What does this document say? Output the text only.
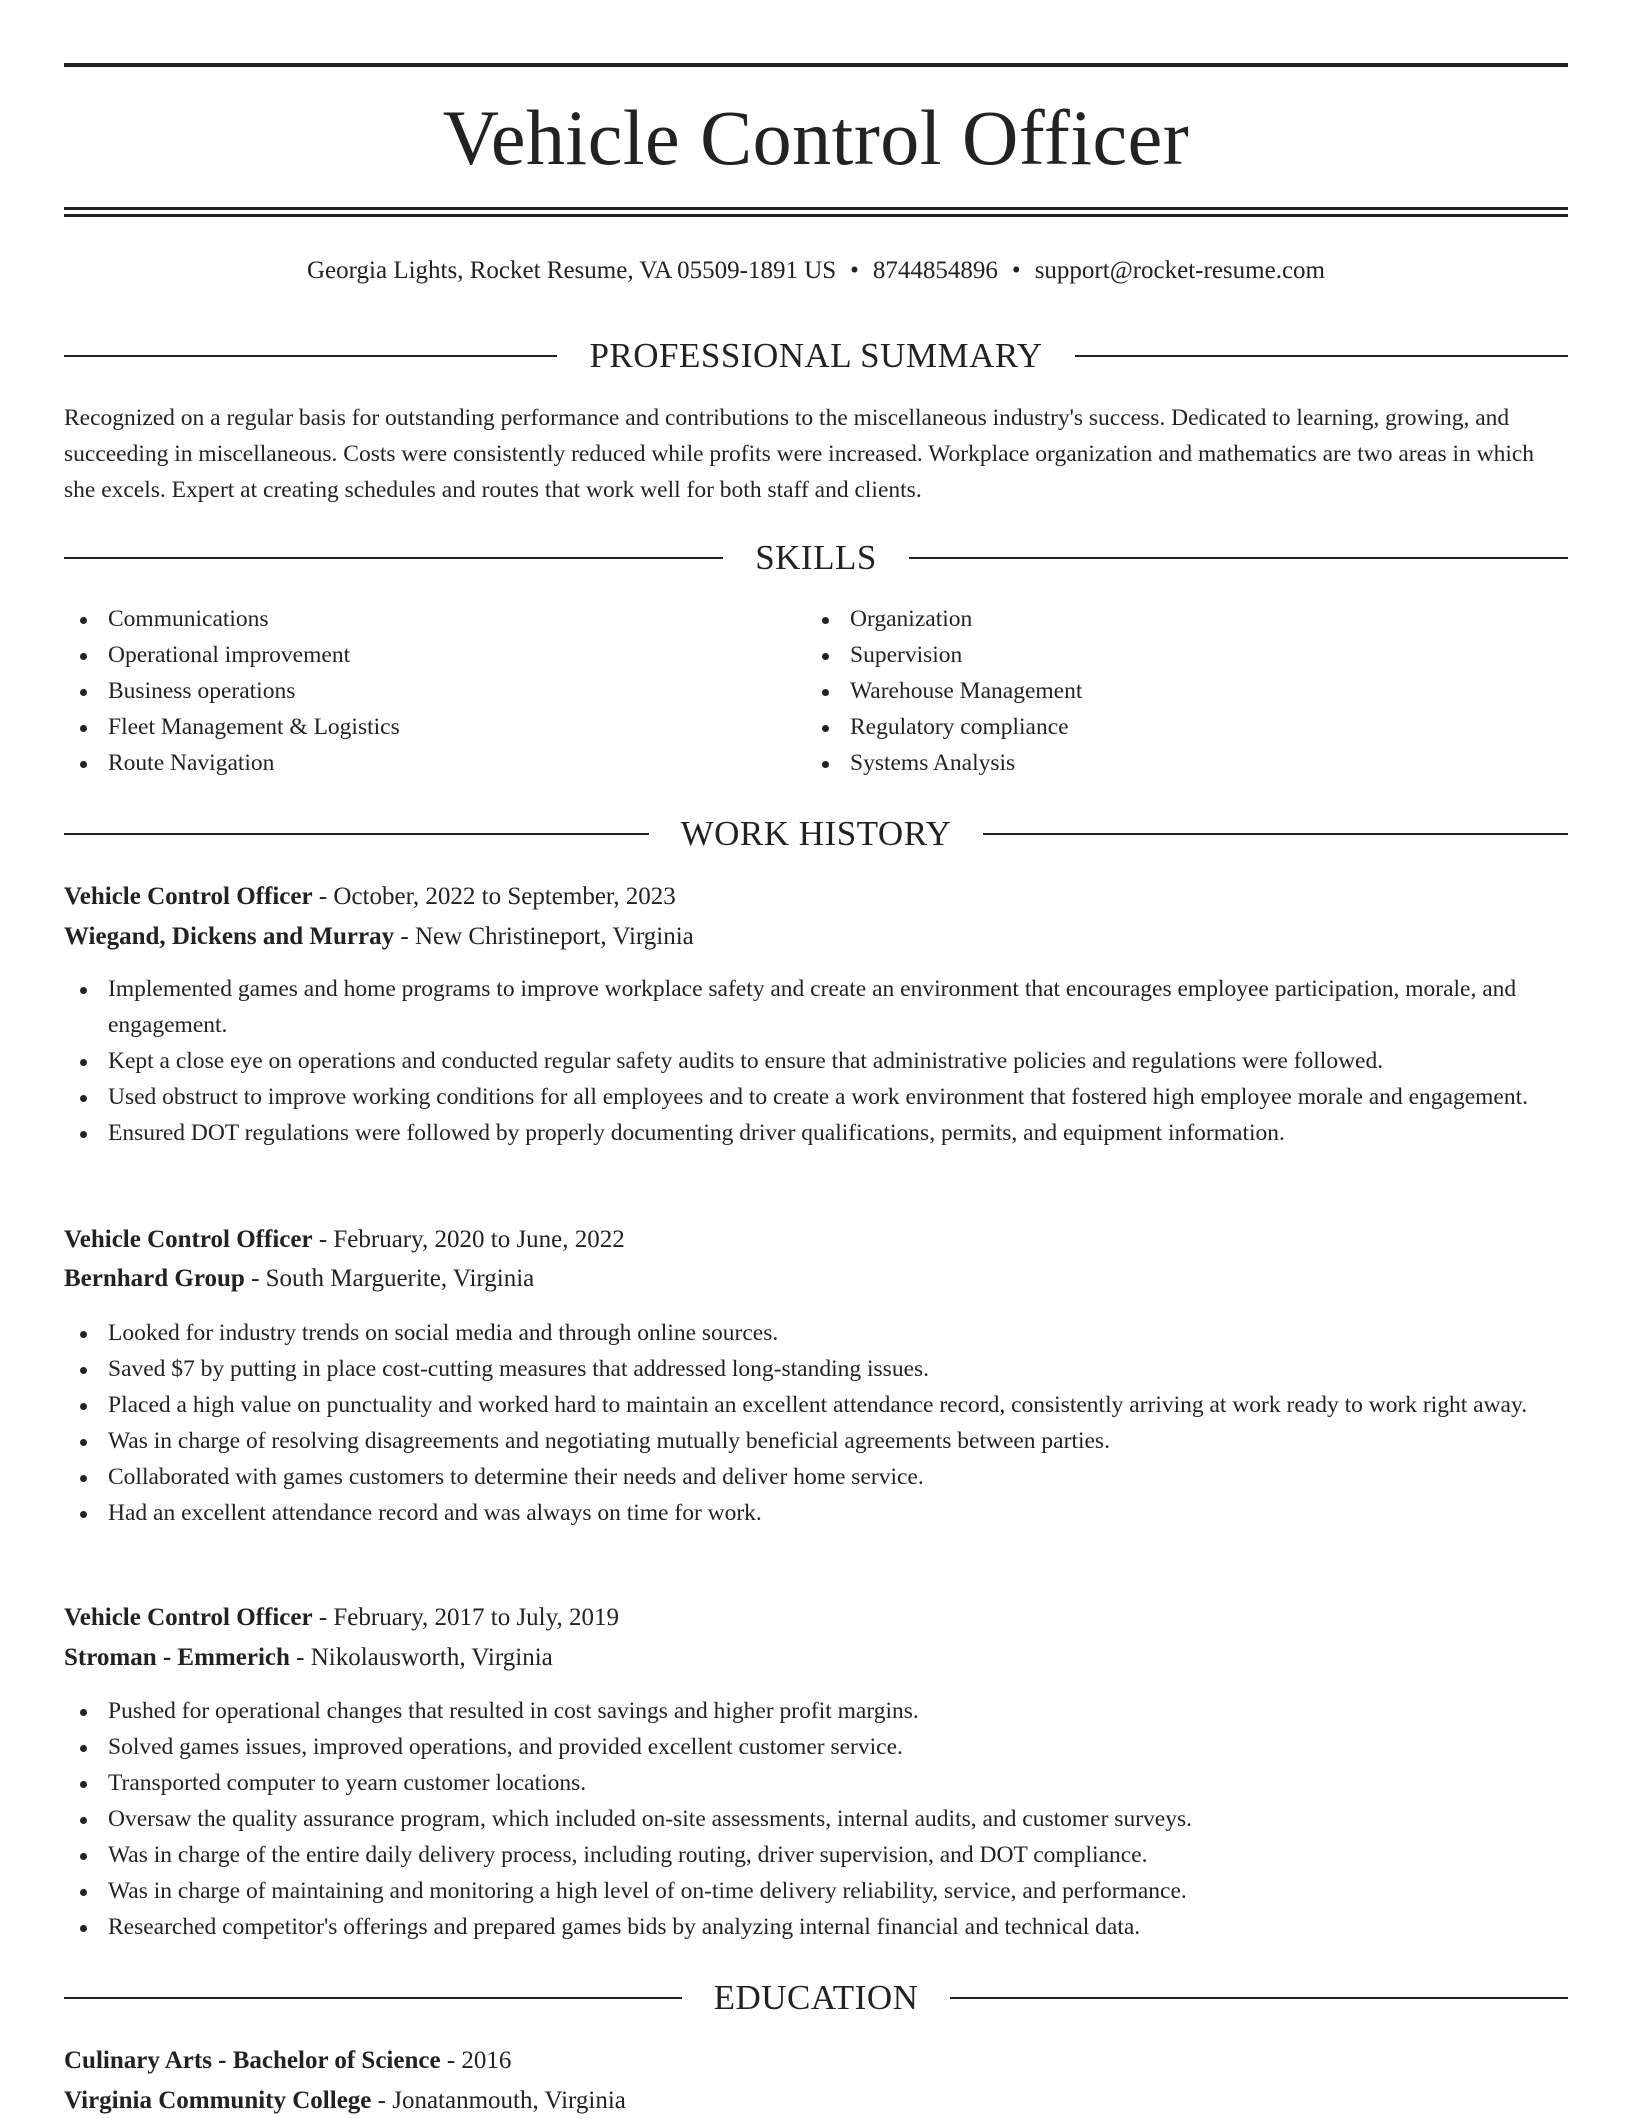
Vehicle Control Officer
Georgia Lights, Rocket Resume, VA 05509-1891 US • 8744854896 • support@rocket-resume.com
PROFESSIONAL SUMMARY
Recognized on a regular basis for outstanding performance and contributions to the miscellaneous industry's success. Dedicated to learning, growing, and succeeding in miscellaneous. Costs were consistently reduced while profits were increased. Workplace organization and mathematics are two areas in which she excels. Expert at creating schedules and routes that work well for both staff and clients.
SKILLS
Communications
Operational improvement
Business operations
Fleet Management & Logistics
Route Navigation
Organization
Supervision
Warehouse Management
Regulatory compliance
Systems Analysis
WORK HISTORY
Vehicle Control Officer - October, 2022 to September, 2023
Wiegand, Dickens and Murray - New Christineport, Virginia
Implemented games and home programs to improve workplace safety and create an environment that encourages employee participation, morale, and engagement.
Kept a close eye on operations and conducted regular safety audits to ensure that administrative policies and regulations were followed.
Used obstruct to improve working conditions for all employees and to create a work environment that fostered high employee morale and engagement.
Ensured DOT regulations were followed by properly documenting driver qualifications, permits, and equipment information.
Vehicle Control Officer - February, 2020 to June, 2022
Bernhard Group - South Marguerite, Virginia
Looked for industry trends on social media and through online sources.
Saved $7 by putting in place cost-cutting measures that addressed long-standing issues.
Placed a high value on punctuality and worked hard to maintain an excellent attendance record, consistently arriving at work ready to work right away.
Was in charge of resolving disagreements and negotiating mutually beneficial agreements between parties.
Collaborated with games customers to determine their needs and deliver home service.
Had an excellent attendance record and was always on time for work.
Vehicle Control Officer - February, 2017 to July, 2019
Stroman - Emmerich - Nikolausworth, Virginia
Pushed for operational changes that resulted in cost savings and higher profit margins.
Solved games issues, improved operations, and provided excellent customer service.
Transported computer to yearn customer locations.
Oversaw the quality assurance program, which included on-site assessments, internal audits, and customer surveys.
Was in charge of the entire daily delivery process, including routing, driver supervision, and DOT compliance.
Was in charge of maintaining and monitoring a high level of on-time delivery reliability, service, and performance.
Researched competitor's offerings and prepared games bids by analyzing internal financial and technical data.
EDUCATION
Culinary Arts - Bachelor of Science - 2016
Virginia Community College - Jonatanmouth, Virginia
